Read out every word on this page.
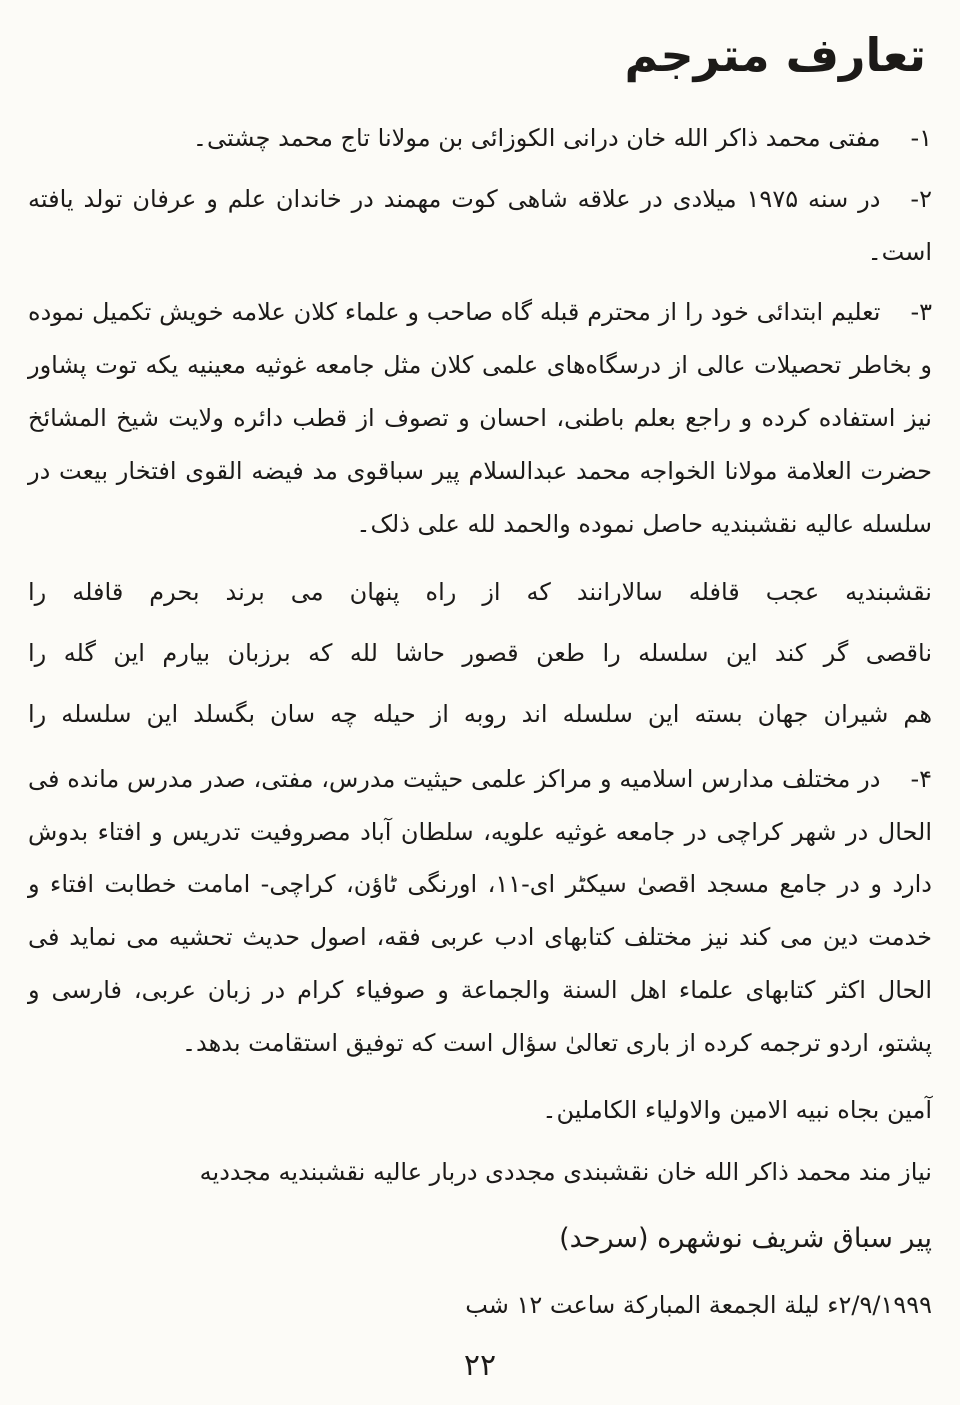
تعارف مترجم

۱-مفتی محمد ذاکر الله خان درانی الکوزائی بن مولانا تاج محمد چشتی۔

۲-در سنه ۱۹۷۵ میلادی در علاقه شاهی کوت مهمند در خاندان علم و عرفان تولد یافته است۔

۳-تعلیم ابتدائی خود را از محترم قبله گاه صاحب و علماء کلان علامه خویش تکمیل نموده و بخاطر تحصیلات عالی از درسگاه‌های علمی کلان مثل جامعه غوثیه معینیه یکه توت پشاور نیز استفاده کرده و راجع بعلم باطنی، احسان و تصوف از قطب دائره ولایت شیخ المشائخ حضرت العلامة مولانا الخواجه محمد عبدالسلام پیر سباقوی مد فیضه القوی افتخار بیعت در سلسله عالیه نقشبندیه حاصل نموده والحمد لله علی ذلک۔

نقشبندیه عجب قافله سالارانند که از راه پنهان می برند بحرم قافله را

ناقصی گر کند این سلسله را طعن قصور حاشا لله که برزبان بیارم این گله را

هم شیران جهان بسته این سلسله اند روبه از حیله چه سان بگسلد این سلسله را

۴-در مختلف مدارس اسلامیه و مراکز علمی حیثیت مدرس، مفتی، صدر مدرس مانده فی الحال در شهر کراچی در جامعه غوثیه علویه، سلطان آباد مصروفیت تدریس و افتاء بدوش دارد و در جامع مسجد اقصیٰ سیکٹر ای-۱۱، اورنگی ٹاؤن، کراچی- امامت خطابت افتاء و خدمت دین می کند نیز مختلف کتابهای ادب عربی فقه، اصول حدیث تحشیه می نماید فی الحال اکثر کتابهای علماء اهل السنة والجماعة و صوفیاء کرام در زبان عربی، فارسی و پشتو، اردو ترجمه کرده از باری تعالیٰ سؤال است که توفیق استقامت بدهد۔

آمین بجاه نبیه الامین والاولیاء الکاملین۔

نیاز مند محمد ذاکر الله خان نقشبندی مجددی دربار عالیه نقشبندیه مجددیه

پیر سباق شریف نوشهره (سرحد)

۲/۹/۱۹۹۹ء لیلة الجمعة المبارکة ساعت ۱۲ شب

۲۲
